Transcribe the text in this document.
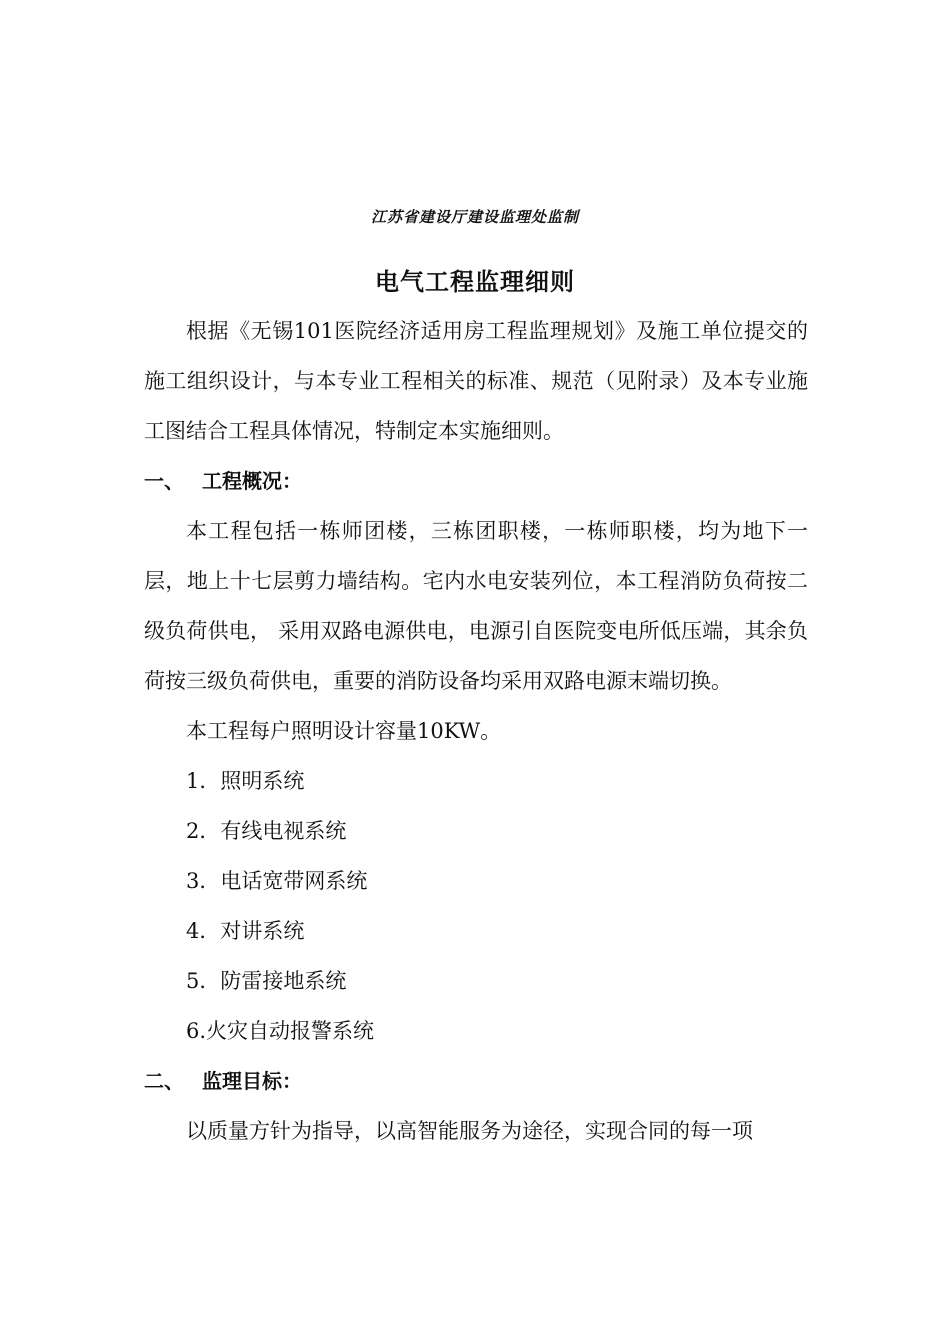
江苏省建设厅建设监理处监制
电气工程监理细则

根据《无锡101医院经济适用房工程监理规划》及施工单位提交的施工组织设计，与本专业工程相关的标准、规范（见附录）及本专业施工图结合工程具体情况，特制定本实施细则。

一、 工程概况：

本工程包括一栋师团楼，三栋团职楼，一栋师职楼，均为地下一层，地上十七层剪力墙结构。宅内水电安装列位，本工程消防负荷按二级负荷供电， 采用双路电源供电，电源引自医院变电所低压端，其余负荷按三级负荷供电，重要的消防设备均采用双路电源末端切换。

本工程每户照明设计容量10KW。

1．照明系统
2．有线电视系统
3．电话宽带网系统
4．对讲系统
5．防雷接地系统
6.火灾自动报警系统
二、 监理目标：

以质量方针为指导，以高智能服务为途径，实现合同的每一项
